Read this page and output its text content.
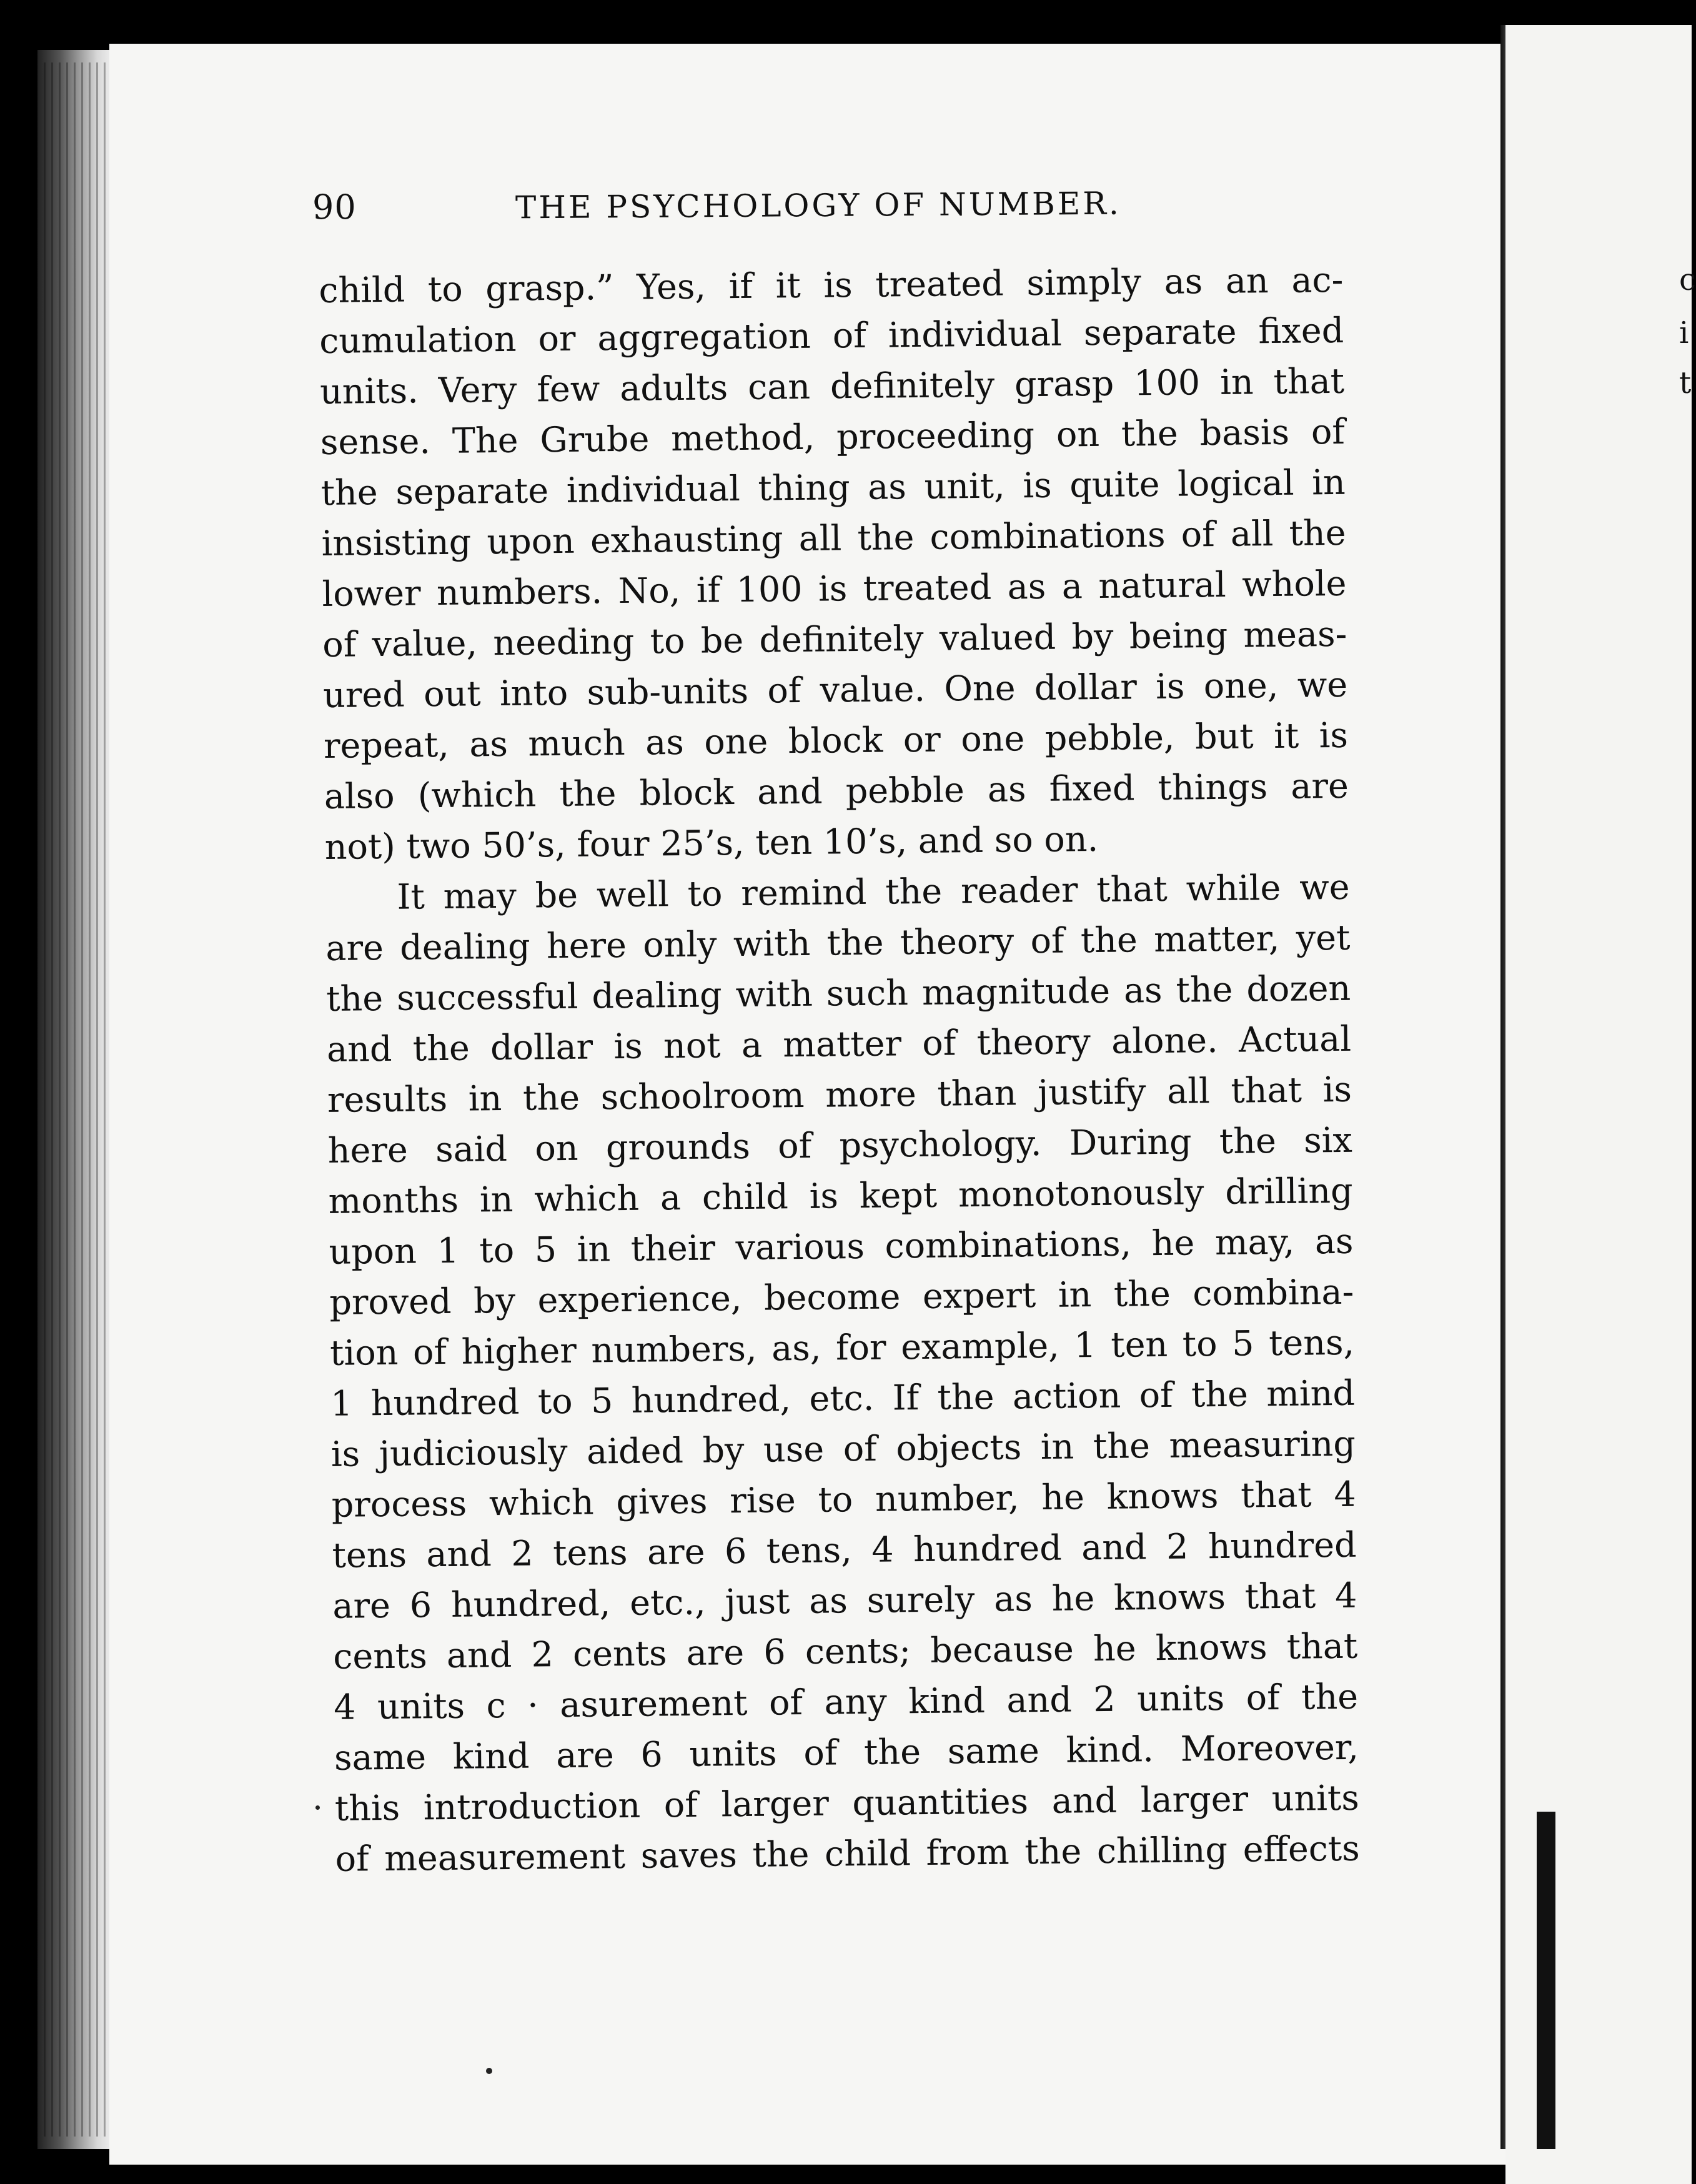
c
i
t
90	THE PSYCHOLOGY OF NUMBER.
child to grasp.” Yes, if it is treated simply as an ac-
cumulation or aggregation of individual separate fixed
units. Very few adults can definitely grasp 100 in that
sense. The Grube method, proceeding on the basis of
the separate individual thing as unit, is quite logical in
insisting upon exhausting all the combinations of all the
lower numbers. No, if 100 is treated as a natural whole
of value, needing to be definitely valued by being meas-
ured out into sub-units of value. One dollar is one, we
repeat, as much as one block or one pebble, but it is
also (which the block and pebble as fixed things are
not) two 50’s, four 25’s, ten 10’s, and so on.
It may be well to remind the reader that while we
are dealing here only with the theory of the matter, yet
the successful dealing with such magnitude as the dozen
and the dollar is not a matter of theory alone. Actual
results in the schoolroom more than justify all that is
here said on grounds of psychology. During the six
months in which a child is kept monotonously drilling
upon 1 to 5 in their various combinations, he may, as
proved by experience, become expert in the combina-
tion of higher numbers, as, for example, 1 ten to 5 tens,
1 hundred to 5 hundred, etc. If the action of the mind
is judiciously aided by use of objects in the measuring
process which gives rise to number, he knows that 4
tens and 2 tens are 6 tens, 4 hundred and 2 hundred
are 6 hundred, etc., just as surely as he knows that 4
cents and 2 cents are 6 cents; because he knows that
4 units c · asurement of any kind and 2 units of the
same kind are 6 units of the same kind. Moreover,
this introduction of larger quantities and larger units
of measurement saves the child from the chilling effects
